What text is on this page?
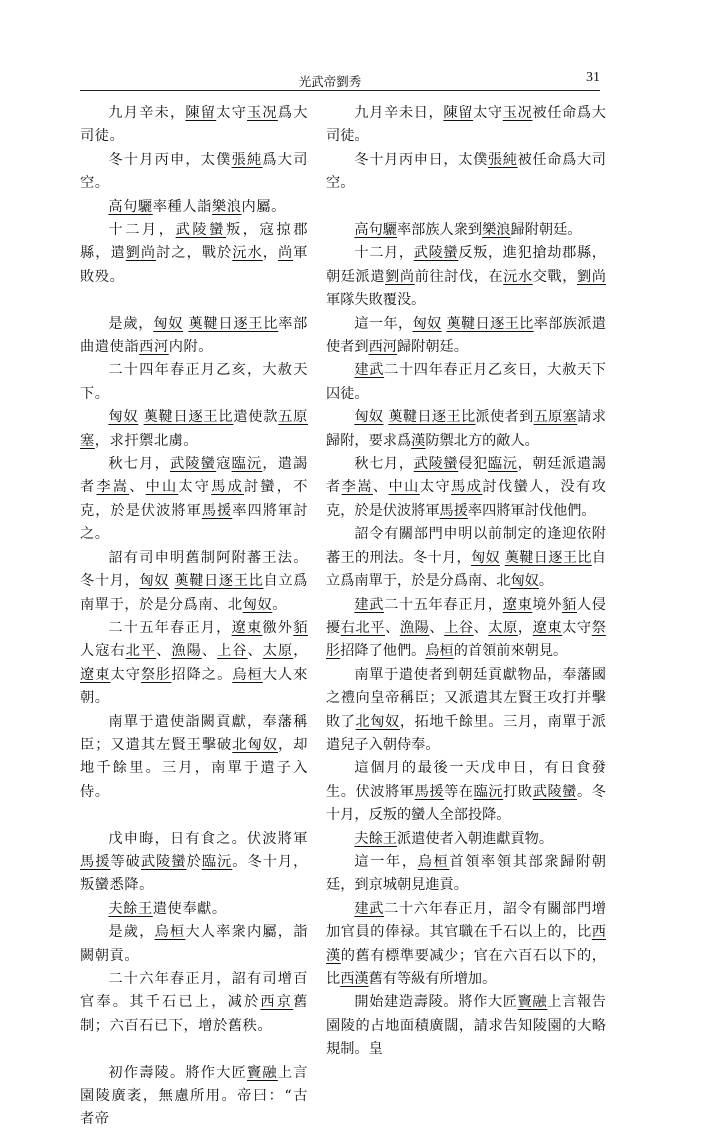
光武帝劉秀	31

九月辛未，陳留太守玉况爲大司徒。

冬十月丙申，太僕張純爲大司空。

高句驪率種人詣樂浪内屬。

十二月，武陵蠻叛，寇掠郡縣，遣劉尚討之，戰於沅水，尚軍敗殁。

是歲，匈奴 薁鞬日逐王比率部曲遣使詣西河内附。

二十四年春正月乙亥，大赦天下。

匈奴 薁鞬日逐王比遣使款五原塞，求扞禦北虜。

秋七月，武陵蠻寇臨沅，遣謁者李嵩、中山太守馬成討蠻，不克，於是伏波將軍馬援率四將軍討之。

詔有司申明舊制阿附蕃王法。冬十月，匈奴 薁鞬日逐王比自立爲南單于，於是分爲南、北匈奴。

二十五年春正月，遼東徼外貊人寇右北平、漁陽、上谷、太原，遼東太守祭肜招降之。烏桓大人來朝。

南單于遣使詣闕貢獻，奉藩稱臣；又遣其左賢王擊破北匈奴，却地千餘里。三月，南單于遣子入侍。

戊申晦，日有食之。伏波將軍馬援等破武陵蠻於臨沅。冬十月，叛蠻悉降。

夫餘王遣使奉獻。

是歲，烏桓大人率衆内屬，詣闕朝貢。

二十六年春正月，詔有司增百官奉。其千石已上，减於西京舊制；六百石已下，增於舊秩。

初作壽陵。將作大匠竇融上言園陵廣袤，無慮所用。帝曰：“古者帝

九月辛未日，陳留太守玉况被任命爲大司徒。

冬十月丙申日，太僕張純被任命爲大司空。

高句驪率部族人衆到樂浪歸附朝廷。

十二月，武陵蠻反叛，進犯搶劫郡縣，朝廷派遣劉尚前往討伐，在沅水交戰，劉尚軍隊失敗覆没。

這一年，匈奴 薁鞬日逐王比率部族派遣使者到西河歸附朝廷。

建武二十四年春正月乙亥日，大赦天下囚徒。

匈奴 薁鞬日逐王比派使者到五原塞請求歸附，要求爲漢防禦北方的敵人。

秋七月，武陵蠻侵犯臨沅，朝廷派遣謁者李嵩、中山太守馬成討伐蠻人，没有攻克，於是伏波將軍馬援率四將軍討伐他們。

詔令有關部門申明以前制定的逢迎依附蕃王的刑法。冬十月，匈奴 薁鞬日逐王比自立爲南單于，於是分爲南、北匈奴。

建武二十五年春正月，遼東境外貊人侵擾右北平、漁陽、上谷、太原，遼東太守祭肜招降了他們。烏桓的首領前來朝見。

南單于遣使者到朝廷貢獻物品，奉藩國之禮向皇帝稱臣；又派遣其左賢王攻打并擊敗了北匈奴，拓地千餘里。三月，南單于派遣兒子入朝侍奉。

這個月的最後一天戊申日，有日食發生。伏波將軍馬援等在臨沅打敗武陵蠻。冬十月，反叛的蠻人全部投降。

夫餘王派遣使者入朝進獻貢物。

這一年，烏桓首領率領其部衆歸附朝廷，到京城朝見進貢。

建武二十六年春正月，詔令有關部門增加官員的俸禄。其官職在千石以上的，比西漢的舊有標準要减少；官在六百石以下的，比西漢舊有等級有所增加。

開始建造壽陵。將作大匠竇融上言報告園陵的占地面積廣闊，請求告知陵園的大略規制。皇
